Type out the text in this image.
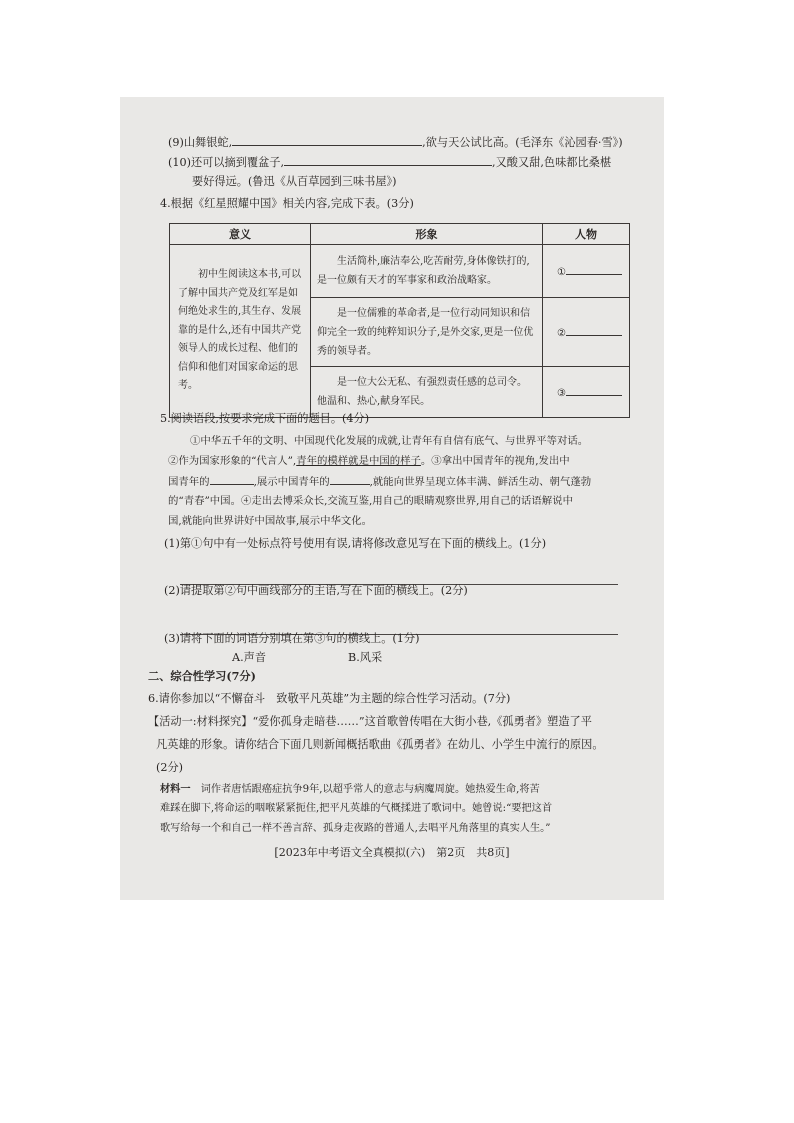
(9)山舞银蛇,	,欲与天公试比高。(毛泽东《沁园春·雪》)
(10)还可以摘到覆盆子,	,又酸又甜,色味都比桑椹
要好得远。(鲁迅《从百草园到三味书屋》)
4.根据《红星照耀中国》相关内容,完成下表。(3分)
意义	形象	人物

初中生阅读这本书,可以了解中国共产党及红军是如何绝处求生的,其生存、发展靠的是什么,还有中国共产党领导人的成长过程、他们的信仰和他们对国家命运的思考。	生活简朴,廉洁奉公,吃苦耐劳,身体像铁打的,是一位颇有天才的军事家和政治战略家。	①

	是一位儒雅的革命者,是一位行动同知识和信仰完全一致的纯粹知识分子,是外交家,更是一位优秀的领导者。	②

	是一位大公无私、有强烈责任感的总司令。他温和、热心,献身军民。	③
5.阅读语段,按要求完成下面的题目。(4分)
①中华五千年的文明、中国现代化发展的成就,让青年有自信有底气、与世界平等对话。
②作为国家形象的“代言人”,青年的模样就是中国的样子。③拿出中国青年的视角,发出中
国青年的	,展示中国青年的	,就能向世界呈现立体丰满、鲜活生动、朝气蓬勃
的“青春”中国。④走出去博采众长,交流互鉴,用自己的眼睛观察世界,用自己的话语解说中
国,就能向世界讲好中国故事,展示中华文化。
(1)第①句中有一处标点符号使用有误,请将修改意见写在下面的横线上。(1分)
(2)请提取第②句中画线部分的主语,写在下面的横线上。(2分)
(3)请将下面的词语分别填在第③句的横线上。(1分)
A.声音	B.风采
二、综合性学习(7分)
6.请你参加以“不懈奋斗　致敬平凡英雄”为主题的综合性学习活动。(7分)
【活动一:材料探究】“爱你孤身走暗巷……”这首歌曾传唱在大街小巷,《孤勇者》塑造了平
凡英雄的形象。请你结合下面几则新闻概括歌曲《孤勇者》在幼儿、小学生中流行的原因。
(2分)
材料一　词作者唐恬跟癌症抗争9年,以超乎常人的意志与病魔周旋。她热爱生命,将苦
难踩在脚下,将命运的咽喉紧紧扼住,把平凡英雄的气概揉进了歌词中。她曾说:“要把这首
歌写给每一个和自己一样不善言辞、孤身走夜路的普通人,去唱平凡角落里的真实人生。”
[2023年中考语文全真模拟(六)　第2页　共8页]
